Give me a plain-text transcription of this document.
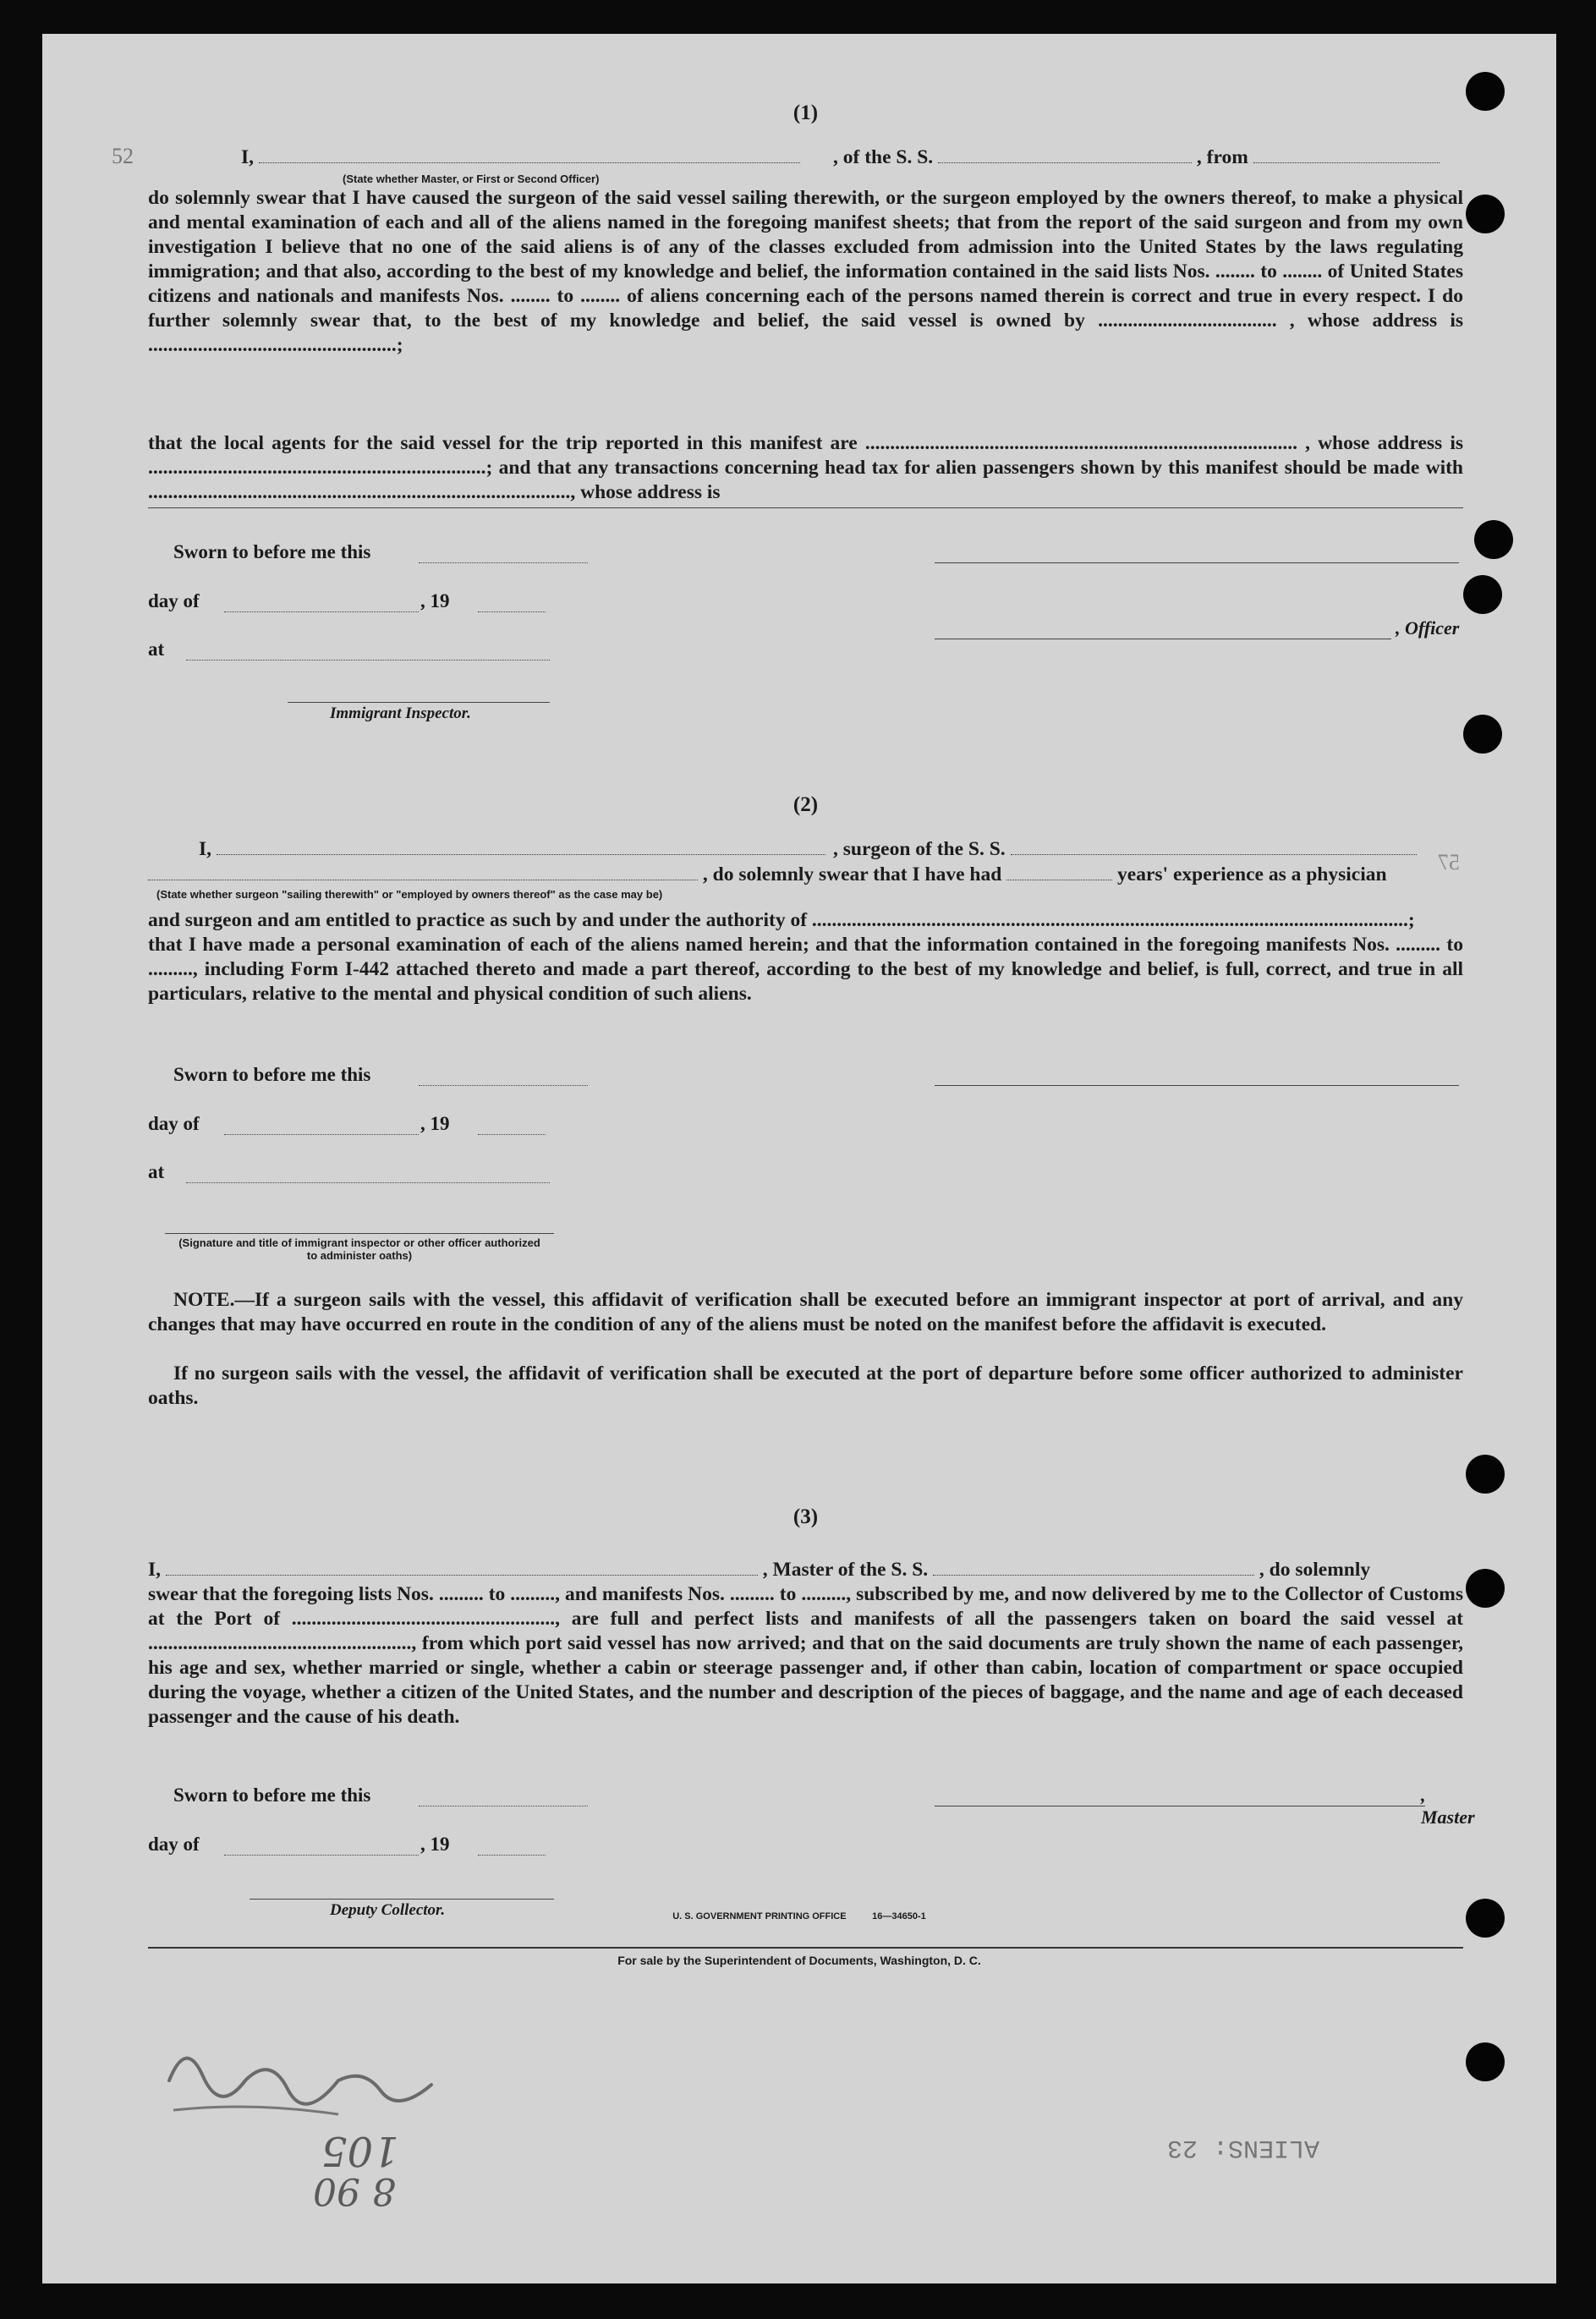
52
57

(1)
I,	, of the S. S.	, from
(State whether Master, or First or Second Officer)
do solemnly swear that I have caused the surgeon of the said vessel sailing therewith, or the surgeon employed by the owners thereof, to make a physical and mental examination of each and all of the aliens named in the foregoing manifest sheets; that from the report of the said surgeon and from my own investigation I believe that no one of the said aliens is of any of the classes excluded from admission into the United States by the laws regulating immigration; and that also, according to the best of my knowledge and belief, the information contained in the said lists Nos. ........ to ........ of United States citizens and nationals and manifests Nos. ........ to ........ of aliens concerning each of the persons named therein is correct and true in every respect. I do further solemnly swear that, to the best of my knowledge and belief, the said vessel is owned by .................................... , whose address is ..................................................;
that the local agents for the said vessel for the trip reported in this manifest are ....................................................................................... , whose address is ....................................................................; and that any transactions concerning head tax for alien passengers shown by this manifest should be made with ....................................................................................., whose address is
Sworn to before me this
day of	, 19
, Officer
at
Immigrant Inspector.
(2)
I,	, surgeon of the S. S.
, do solemnly swear that I have had	years' experience as a physician
(State whether surgeon "sailing therewith" or "employed by owners thereof" as the case may be)
and surgeon and am entitled to practice as such by and under the authority of ........................................................................................................................;
that I have made a personal examination of each of the aliens named herein; and that the information contained in the foregoing manifests Nos. ......... to ........., including Form I-442 attached thereto and made a part thereof, according to the best of my knowledge and belief, is full, correct, and true in all particulars, relative to the mental and physical condition of such aliens.
Sworn to before me this
day of	, 19
at
(Signature and title of immigrant inspector or other officer authorized to administer oaths)
NOTE.—If a surgeon sails with the vessel, this affidavit of verification shall be executed before an immigrant inspector at port of arrival, and any changes that may have occurred en route in the condition of any of the aliens must be noted on the manifest before the affidavit is executed.
If no surgeon sails with the vessel, the affidavit of verification shall be executed at the port of departure before some officer authorized to administer oaths.
(3)
I,	, Master of the S. S.	, do solemnly
swear that the foregoing lists Nos. ......... to ........., and manifests Nos. ......... to ........., subscribed by me, and now delivered by me to the Collector of Customs at the Port of ....................................................., are full and perfect lists and manifests of all the passengers taken on board the said vessel at ....................................................., from which port said vessel has now arrived; and that on the said documents are truly shown the name of each passenger, his age and sex, whether married or single, whether a cabin or steerage passenger and, if other than cabin, location of compartment or space occupied during the voyage, whether a citizen of the United States, and the number and description of the pieces of baggage, and the name and age of each deceased passenger and the cause of his death.
Sworn to before me this	, Master
day of	, 19
Deputy Collector.	U. S. GOVERNMENT PRINTING OFFICE	16—34650-1
For sale by the Superintendent of Documents, Washington, D. C.
105
8 90
ALIENS: 23
